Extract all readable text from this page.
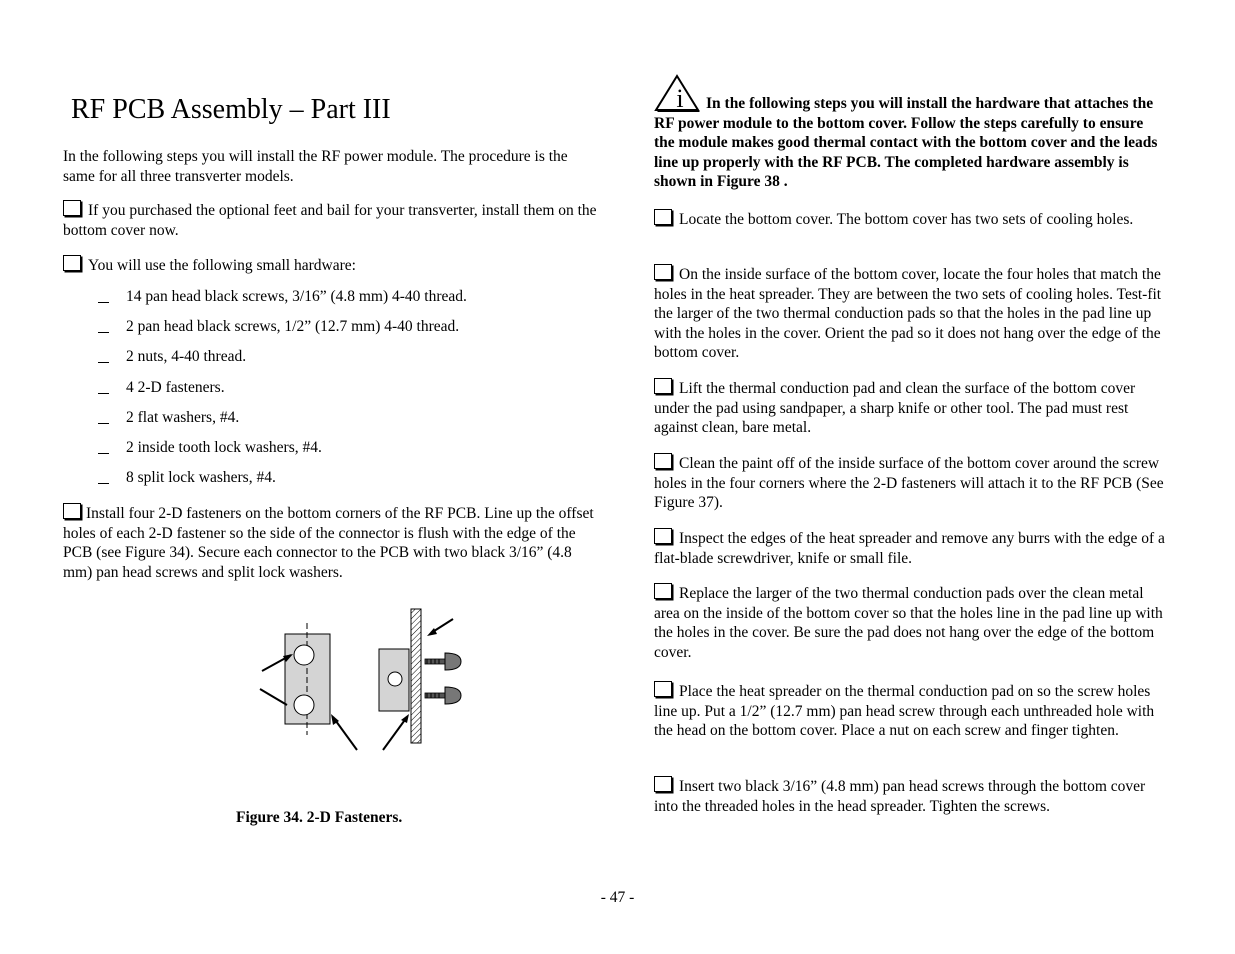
RF PCB Assembly – Part III

In the following steps you will install the RF power module. The procedure is the same for all three transverter models.

If you purchased the optional feet and bail for your transverter, install them on the bottom cover now.

You will use the following small hardware:

14 pan head black screws, 3/16” (4.8 mm) 4-40 thread.
2 pan head black screws, 1/2” (12.7 mm) 4-40 thread.
2 nuts, 4-40 thread.
4 2-D fasteners.
2 flat washers, #4.
2 inside tooth lock washers, #4.
8 split lock washers, #4.

Install four 2-D fasteners on the bottom corners of the RF PCB. Line up the offset holes of each 2-D fastener so the side of the connector is flush with the edge of the PCB (see Figure 34). Secure each connector to the PCB with two black 3/16” (4.8 mm) pan head screws and split lock washers.

Figure 34. 2-D Fasteners.
i	In the following steps you will install the hardware that attaches the RF power module to the bottom cover. Follow the steps carefully to ensure the module makes good thermal contact with the bottom cover and the leads line up properly with the RF PCB. The completed hardware assembly is shown in Figure 38 .

Locate the bottom cover. The bottom cover has two sets of cooling holes.

On the inside surface of the bottom cover, locate the four holes that match the holes in the heat spreader. They are between the two sets of cooling holes. Test-fit the larger of the two thermal conduction pads so that the holes in the pad line up with the holes in the cover. Orient the pad so it does not hang over the edge of the bottom cover.

Lift the thermal conduction pad and clean the surface of the bottom cover under the pad using sandpaper, a sharp knife or other tool. The pad must rest against clean, bare metal.

Clean the paint off of the inside surface of the bottom cover around the screw holes in the four corners where the 2-D fasteners will attach it to the RF PCB (See Figure 37).

Inspect the edges of the heat spreader and remove any burrs with the edge of a flat-blade screwdriver, knife or small file.

Replace the larger of the two thermal conduction pads over the clean metal area on the inside of the bottom cover so that the holes line in the pad line up with the holes in the cover. Be sure the pad does not hang over the edge of the bottom cover.

Place the heat spreader on the thermal conduction pad on so the screw holes line up. Put a 1/2” (12.7 mm) pan head screw through each unthreaded hole with the head on the bottom cover. Place a nut on each screw and finger tighten.

Insert two black 3/16” (4.8 mm) pan head screws through the bottom cover into the threaded holes in the head spreader. Tighten the screws.

- 47 -
